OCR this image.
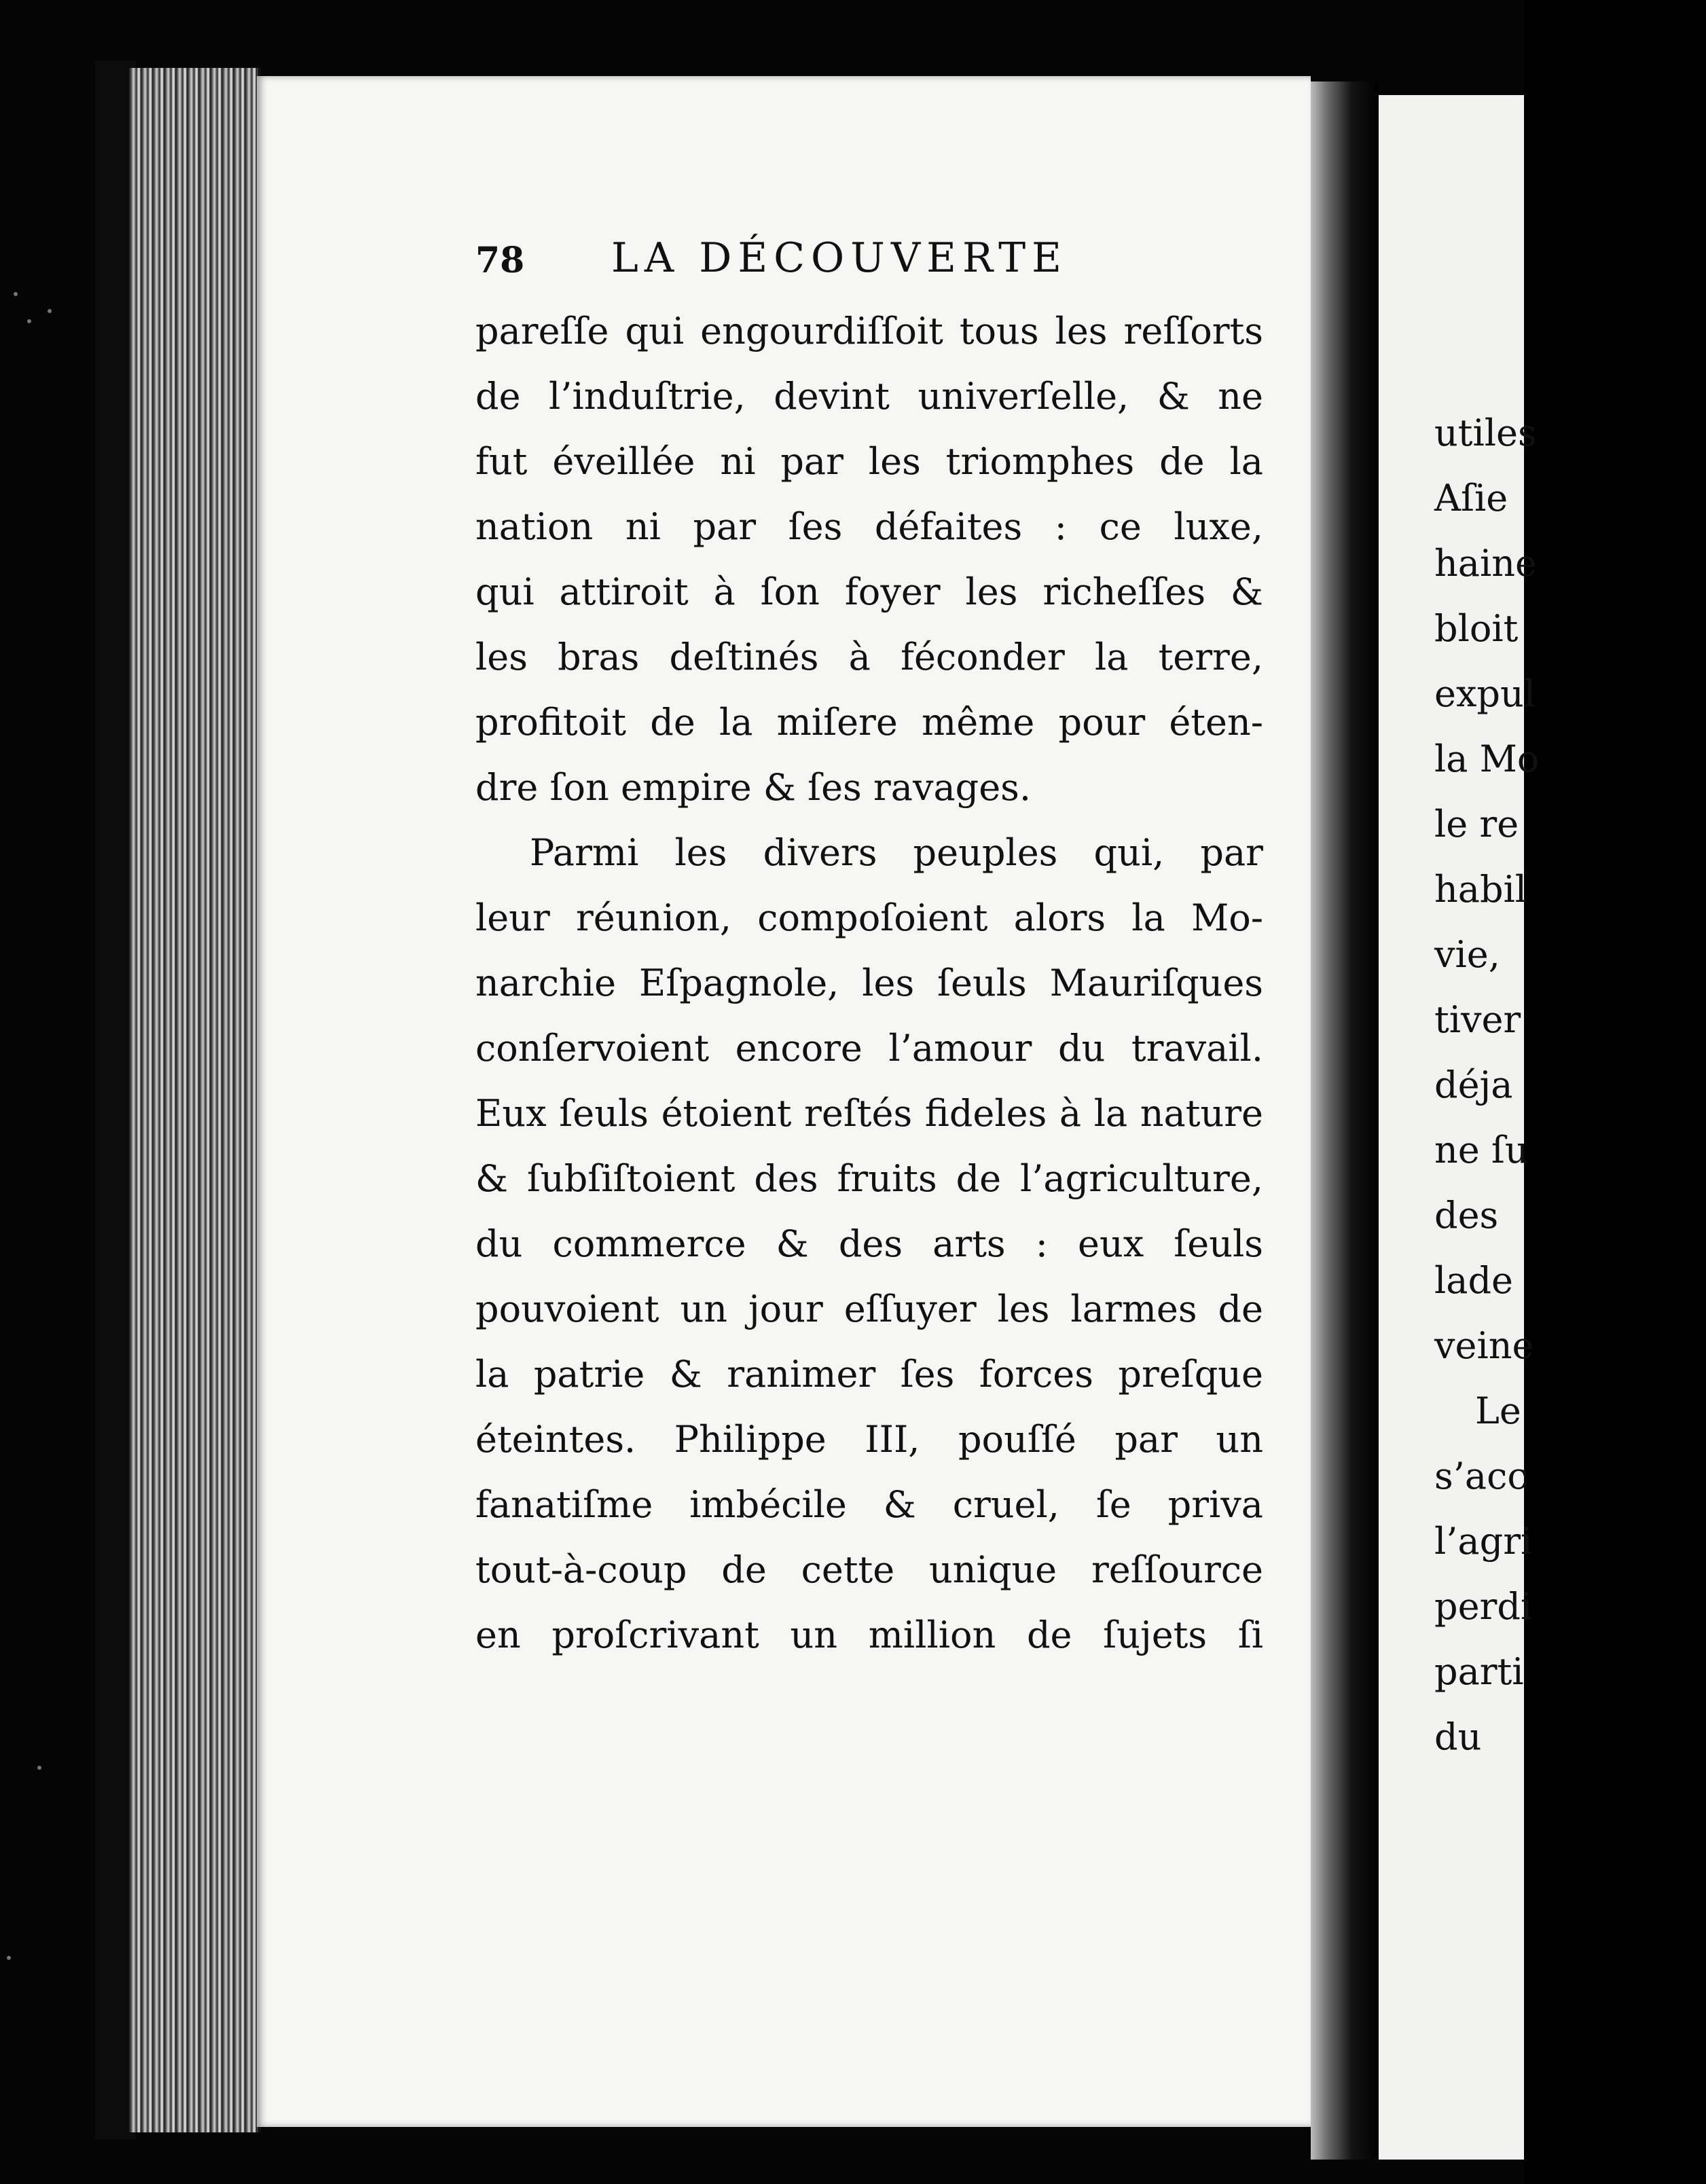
78 LA DÉCOUVERTE
pareſſe qui engourdiſſoit tous les reſſorts
de l’induſtrie, devint univerſelle, & ne
fut éveillée ni par les triomphes de la
nation ni par ſes défaites : ce luxe,
qui attiroit à ſon foyer les richeſſes &
les bras deſtinés à féconder la terre,
profitoit de la miſere même pour éten-
dre ſon empire & ſes ravages.
Parmi les divers peuples qui, par
leur réunion, compoſoient alors la Mo-
narchie Eſpagnole, les ſeuls Mauriſques
conſervoient encore l’amour du travail.
Eux ſeuls étoient reſtés fideles à la nature
& ſubſiſtoient des fruits de l’agriculture,
du commerce & des arts : eux ſeuls
pouvoient un jour eſſuyer les larmes de
la patrie & ranimer ſes forces preſque
éteintes. Philippe III, pouſſé par un
fanatiſme imbécile & cruel, ſe priva
tout-à-coup de cette unique reſſource
en proſcrivant un million de ſujets ſi
utiles
Aſie
haine
bloit
expul
la Mo
le re
habil
vie,
tiver
déja
ne ſu
des
lade
veine
Le
s’acc
l’agri
perdi
parti
du
